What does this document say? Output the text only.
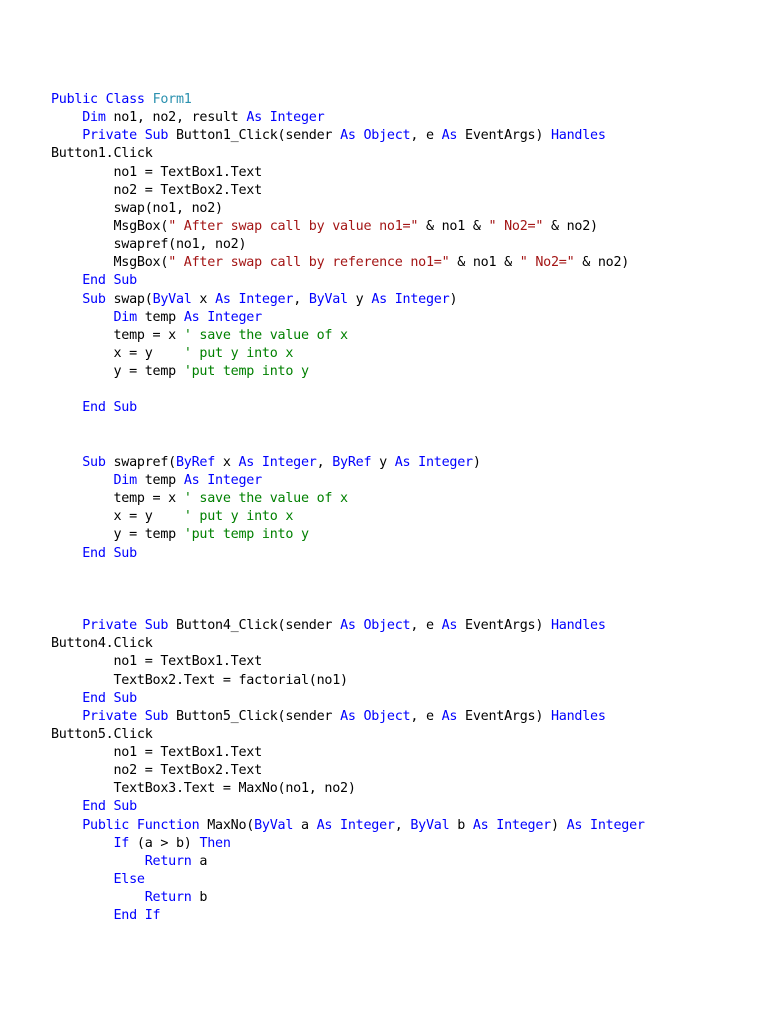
Public Class Form1
Dim no1, no2, result As Integer
Private Sub Button1_Click(sender As Object, e As EventArgs) Handles
Button1.Click
no1 = TextBox1.Text
no2 = TextBox2.Text
swap(no1, no2)
MsgBox(" After swap call by value no1=" & no1 & " No2=" & no2)
swapref(no1, no2)
MsgBox(" After swap call by reference no1=" & no1 & " No2=" & no2)
End Sub
Sub swap(ByVal x As Integer, ByVal y As Integer)
Dim temp As Integer
temp = x ' save the value of x
x = y    ' put y into x
y = temp 'put temp into y
End Sub
Sub swapref(ByRef x As Integer, ByRef y As Integer)
Dim temp As Integer
temp = x ' save the value of x
x = y    ' put y into x
y = temp 'put temp into y
End Sub
Private Sub Button4_Click(sender As Object, e As EventArgs) Handles
Button4.Click
no1 = TextBox1.Text
TextBox2.Text = factorial(no1)
End Sub
Private Sub Button5_Click(sender As Object, e As EventArgs) Handles
Button5.Click
no1 = TextBox1.Text
no2 = TextBox2.Text
TextBox3.Text = MaxNo(no1, no2)
End Sub
Public Function MaxNo(ByVal a As Integer, ByVal b As Integer) As Integer
If (a > b) Then
Return a
Else
Return b
End If
